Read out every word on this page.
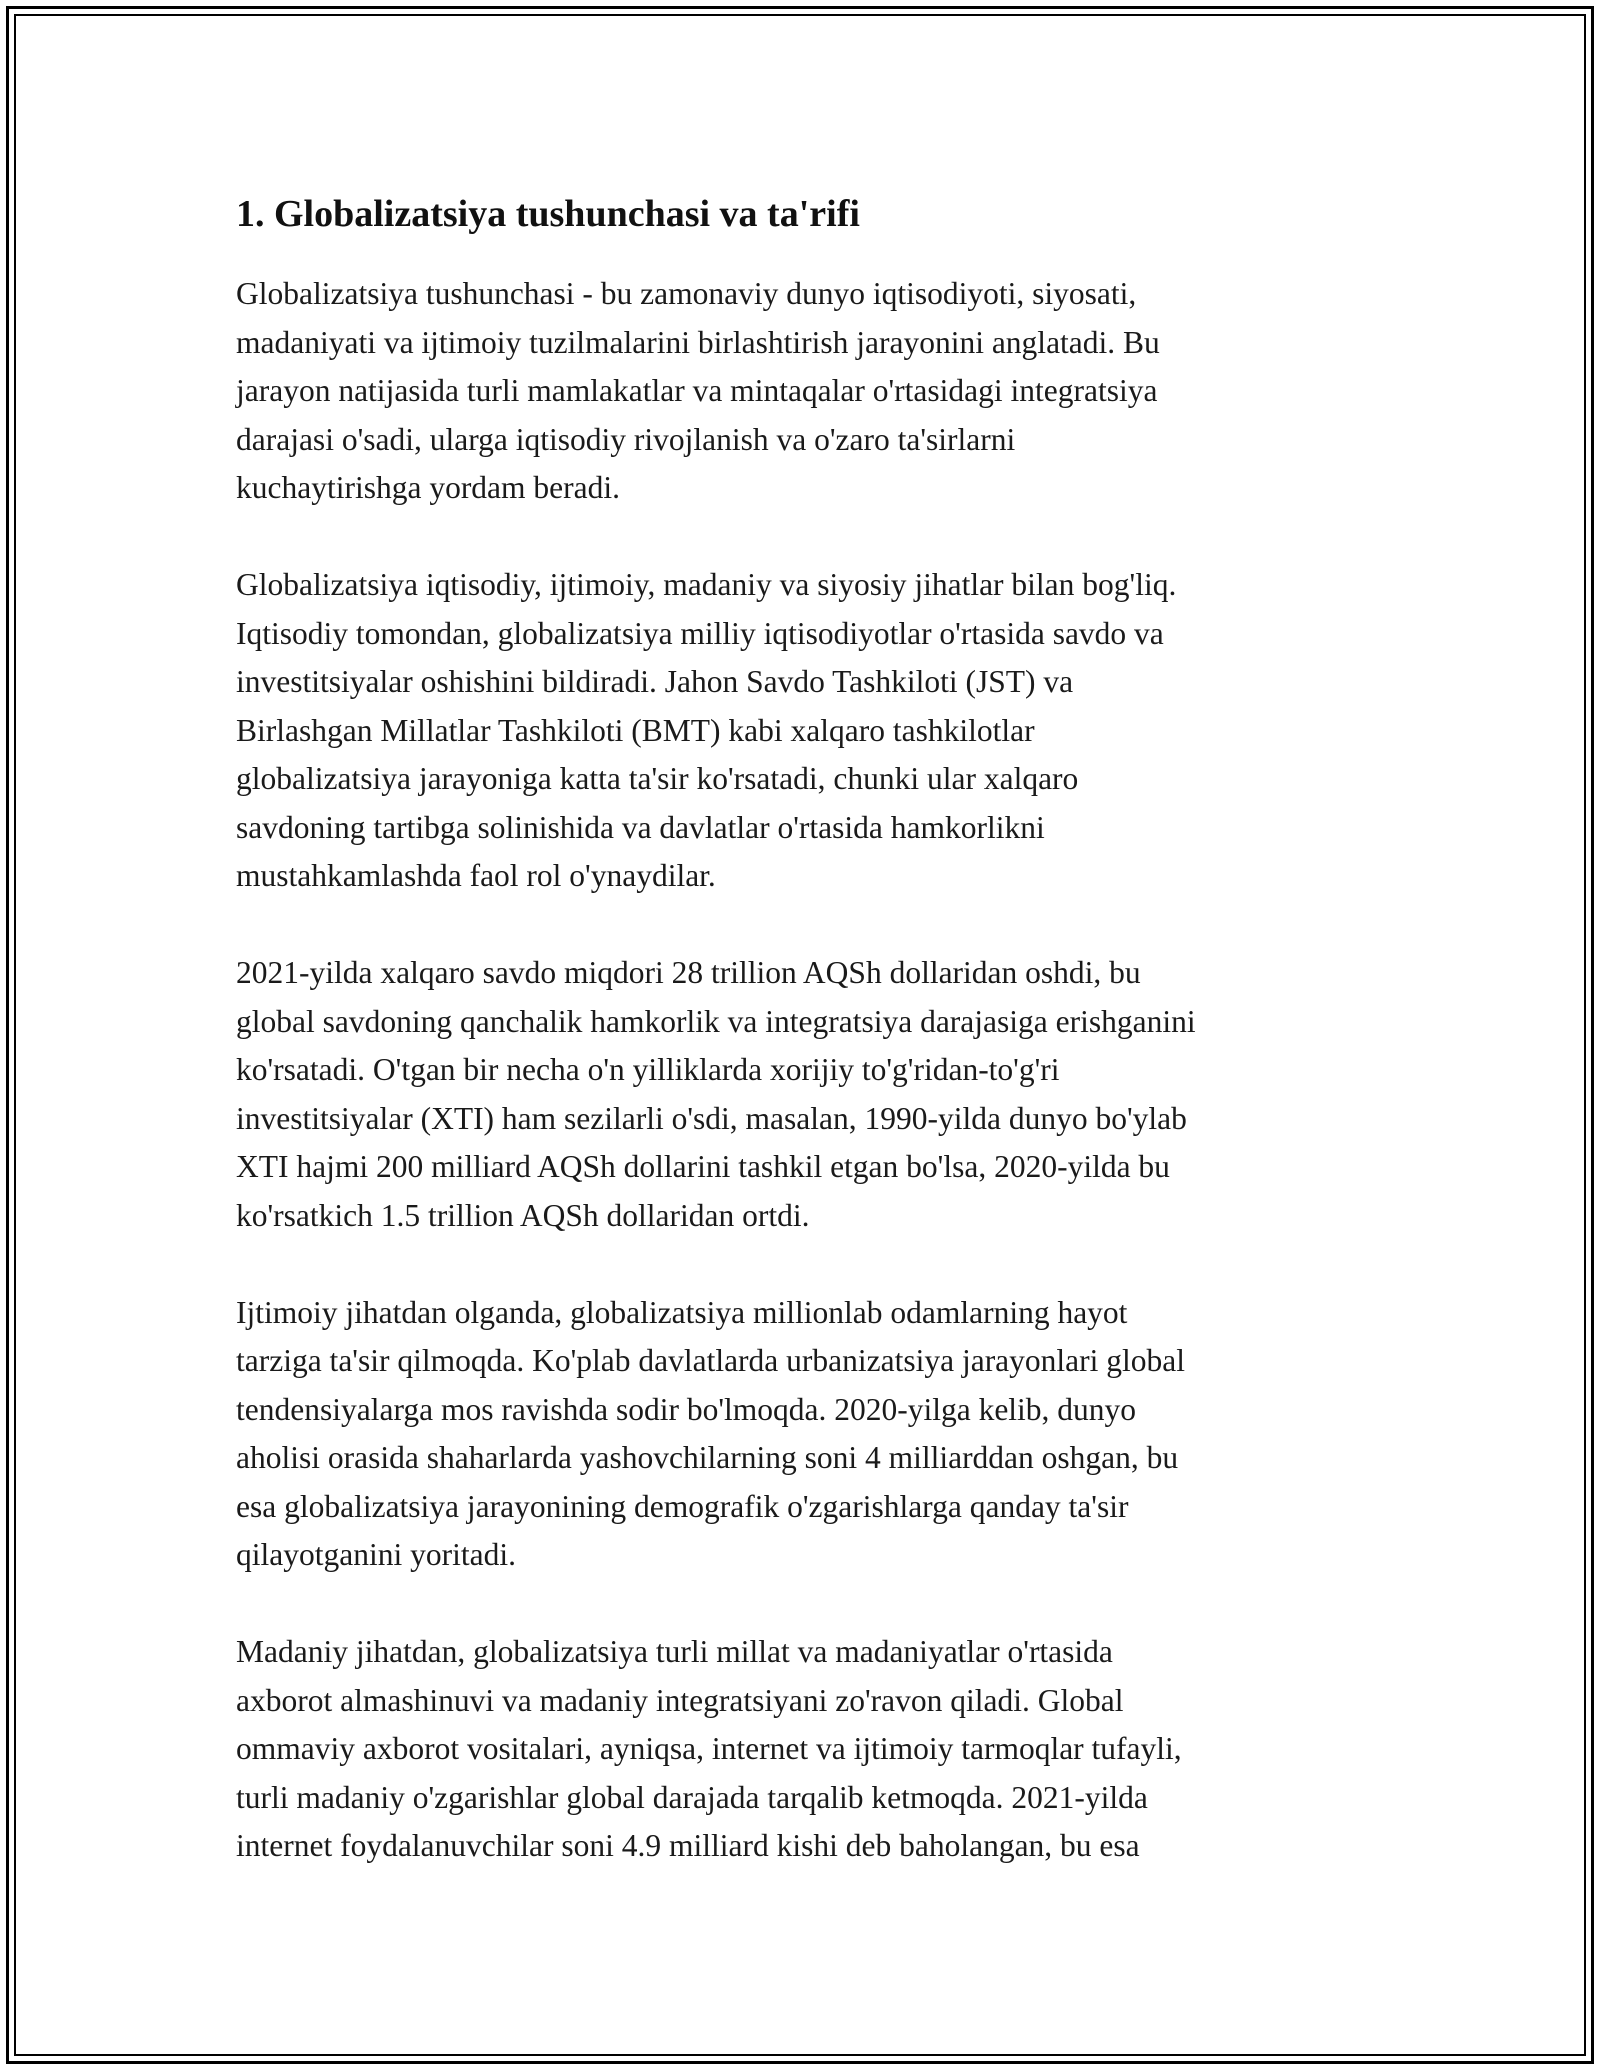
1. Globalizatsiya tushunchasi va ta'rifi

Globalizatsiya tushunchasi - bu zamonaviy dunyo iqtisodiyoti, siyosati,
madaniyati va ijtimoiy tuzilmalarini birlashtirish jarayonini anglatadi. Bu
jarayon natijasida turli mamlakatlar va mintaqalar o'rtasidagi integratsiya
darajasi o'sadi, ularga iqtisodiy rivojlanish va o'zaro ta'sirlarni
kuchaytirishga yordam beradi.

Globalizatsiya iqtisodiy, ijtimoiy, madaniy va siyosiy jihatlar bilan bog'liq.
Iqtisodiy tomondan, globalizatsiya milliy iqtisodiyotlar o'rtasida savdo va
investitsiyalar oshishini bildiradi. Jahon Savdo Tashkiloti (JST) va
Birlashgan Millatlar Tashkiloti (BMT) kabi xalqaro tashkilotlar
globalizatsiya jarayoniga katta ta'sir ko'rsatadi, chunki ular xalqaro
savdoning tartibga solinishida va davlatlar o'rtasida hamkorlikni
mustahkamlashda faol rol o'ynaydilar.

2021-yilda xalqaro savdo miqdori 28 trillion AQSh dollaridan oshdi, bu
global savdoning qanchalik hamkorlik va integratsiya darajasiga erishganini
ko'rsatadi. O'tgan bir necha o'n yilliklarda xorijiy to'g'ridan-to'g'ri
investitsiyalar (XTI) ham sezilarli o'sdi, masalan, 1990-yilda dunyo bo'ylab
XTI hajmi 200 milliard AQSh dollarini tashkil etgan bo'lsa, 2020-yilda bu
ko'rsatkich 1.5 trillion AQSh dollaridan ortdi.

Ijtimoiy jihatdan olganda, globalizatsiya millionlab odamlarning hayot
tarziga ta'sir qilmoqda. Ko'plab davlatlarda urbanizatsiya jarayonlari global
tendensiyalarga mos ravishda sodir bo'lmoqda. 2020-yilga kelib, dunyo
aholisi orasida shaharlarda yashovchilarning soni 4 milliarddan oshgan, bu
esa globalizatsiya jarayonining demografik o'zgarishlarga qanday ta'sir
qilayotganini yoritadi.

Madaniy jihatdan, globalizatsiya turli millat va madaniyatlar o'rtasida
axborot almashinuvi va madaniy integratsiyani zo'ravon qiladi. Global
ommaviy axborot vositalari, ayniqsa, internet va ijtimoiy tarmoqlar tufayli,
turli madaniy o'zgarishlar global darajada tarqalib ketmoqda. 2021-yilda
internet foydalanuvchilar soni 4.9 milliard kishi deb baholangan, bu esa
